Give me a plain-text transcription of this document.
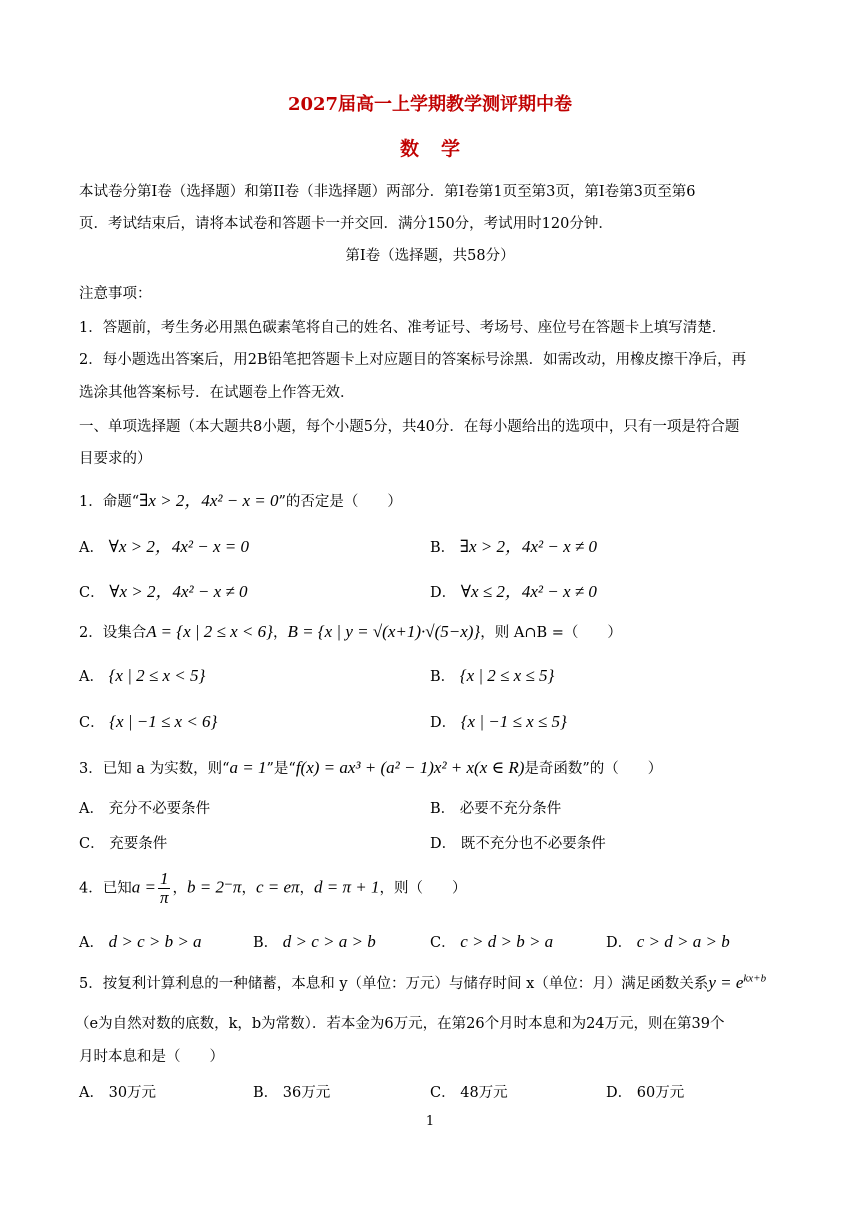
2027届高一上学期教学测评期中卷
数学
本试卷分第Ⅰ卷（选择题）和第II卷（非选择题）两部分．第Ⅰ卷第1页至第3页，第Ⅰ卷第3页至第6
页．考试结束后，请将本试卷和答题卡一并交回．满分150分，考试用时120分钟．
第Ⅰ卷（选择题，共58分）
注意事项：
1．答题前，考生务必用黑色碳素笔将自己的姓名、准考证号、考场号、座位号在答题卡上填写清楚．
2．每小题选出答案后，用2B铅笔把答题卡上对应题目的答案标号涂黑．如需改动，用橡皮擦干净后，再
选涂其他答案标号．在试题卷上作答无效．
一、单项选择题（本大题共8小题，每个小题5分，共40分．在每小题给出的选项中，只有一项是符合题
目要求的）
1．命题“∃x > 2，4x² − x = 0”的否定是（　　）
A． ∀x > 2，4x² − x = 0	B． ∃x > 2，4x² − x ≠ 0
C． ∀x > 2，4x² − x ≠ 0	D． ∀x ≤ 2，4x² − x ≠ 0
2．设集合A = {x | 2 ≤ x < 6}，B = {x | y = √(x+1)·√(5−x)}，则 A∩B =（　　）
A． {x | 2 ≤ x < 5}	B． {x | 2 ≤ x ≤ 5}
C． {x | −1 ≤ x < 6}	D． {x | −1 ≤ x ≤ 5}
3．已知 a 为实数，则“a = 1”是“f(x) = ax³ + (a² − 1)x² + x(x ∈ R)是奇函数”的（　　）
A． 充分不必要条件	B． 必要不充分条件
C． 充要条件	D． 既不充分也不必要条件
4．已知$a = \frac{1}{\pi}$ ，b = 2⁻π，c = eπ，d = π + 1，则（　　）
A． d > c > b > a	B． d > c > a > b	C． c > d > b > a	D． c > d > a > b
5．按复利计算利息的一种储蓄，本息和 y（单位：万元）与储存时间 x（单位：月）满足函数关系$y = e^{kx+b}$
（e为自然对数的底数，k，b为常数）．若本金为6万元，在第26个月时本息和为24万元，则在第39个
月时本息和是（　　）
A． 30万元	B． 36万元	C． 48万元	D． 60万元
1
